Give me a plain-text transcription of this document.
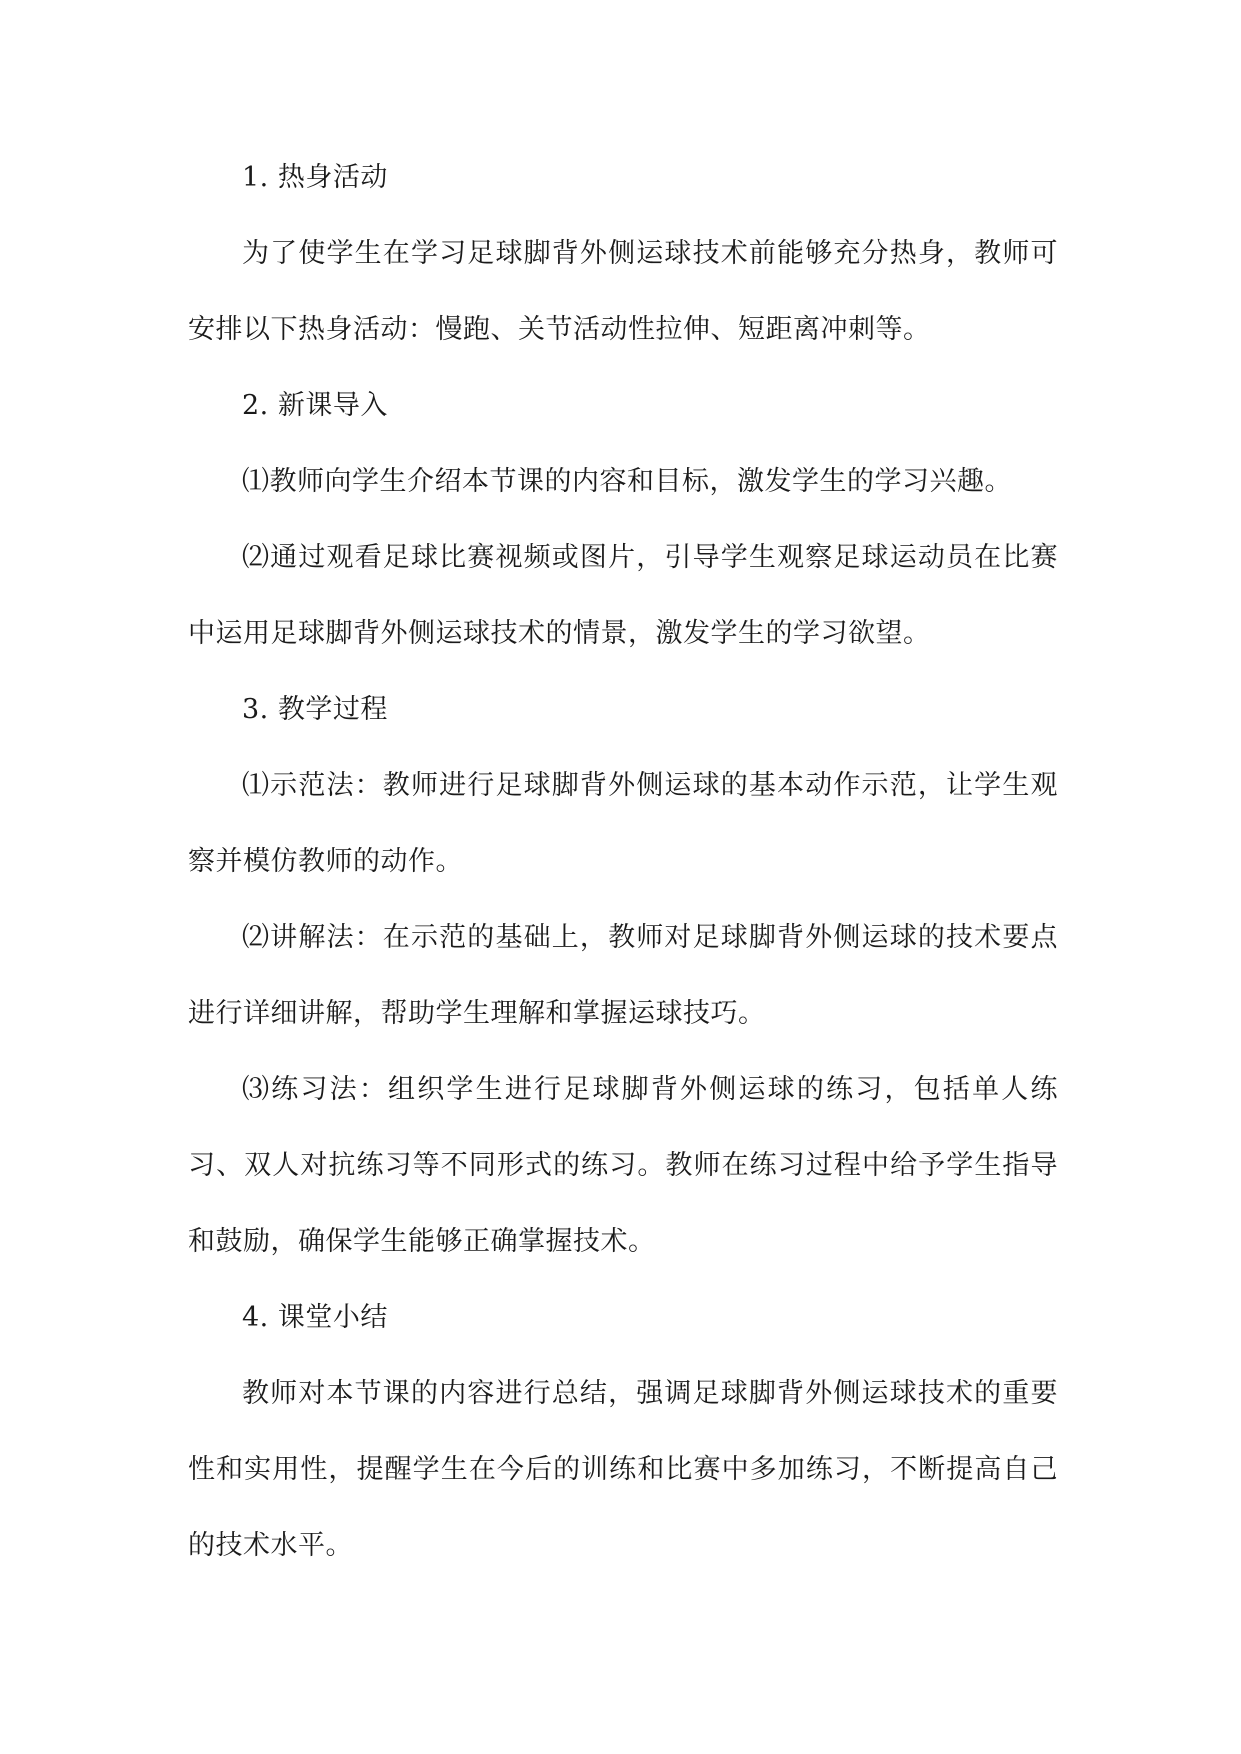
1. 热身活动

为了使学生在学习足球脚背外侧运球技术前能够充分热身，教师可安排以下热身活动：慢跑、关节活动性拉伸、短距离冲刺等。

2. 新课导入

⑴教师向学生介绍本节课的内容和目标，激发学生的学习兴趣。

⑵通过观看足球比赛视频或图片，引导学生观察足球运动员在比赛中运用足球脚背外侧运球技术的情景，激发学生的学习欲望。

3. 教学过程

⑴示范法：教师进行足球脚背外侧运球的基本动作示范，让学生观察并模仿教师的动作。

⑵讲解法：在示范的基础上，教师对足球脚背外侧运球的技术要点进行详细讲解，帮助学生理解和掌握运球技巧。

⑶练习法：组织学生进行足球脚背外侧运球的练习，包括单人练习、双人对抗练习等不同形式的练习。教师在练习过程中给予学生指导和鼓励，确保学生能够正确掌握技术。

4. 课堂小结

教师对本节课的内容进行总结，强调足球脚背外侧运球技术的重要性和实用性，提醒学生在今后的训练和比赛中多加练习，不断提高自己的技术水平。
